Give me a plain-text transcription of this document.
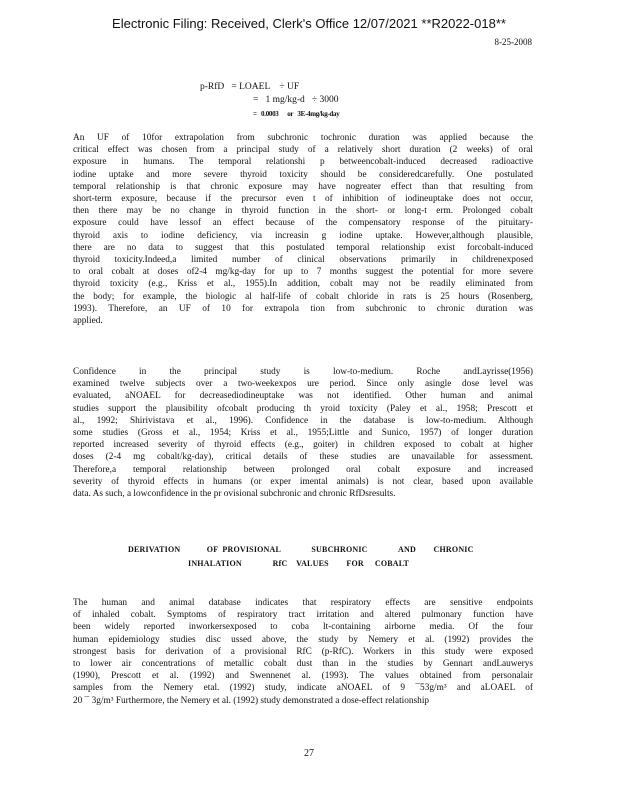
Electronic Filing: Received, Clerk's Office 12/07/2021 **R2022-018**
8-25-2008
p-RfD   = LOAEL    ÷ UF
=   1 mg/kg-d   ÷ 3000
=   0.0003      or   3E-4mg/kg-day
An UF of 10for extrapolation from subchronic tochronic duration was applied because the
critical effect was chosen from a principal study of a relatively short duration (2 weeks) of oral
exposure in humans. The temporal relationshi p betweencobalt-induced decreased radioactive
iodine uptake and more severe thyroid toxicity should be consideredcarefully. One postulated
temporal relationship is that chronic exposure may have nogreater effect than that resulting from
short-term exposure, because if the precursor even t of inhibition of iodineuptake does not occur,
then there may be no change in thyroid function in the short- or long-t erm. Prolonged cobalt
exposure could have lessof an effect because of the compensatory response of the pituitary-
thyroid axis to iodine deficiency, via increasin g iodine uptake. However,although plausible,
there are no data to suggest that this postulated temporal relationship exist forcobalt-induced
thyroid toxicity.Indeed,a limited number of clinical observations primarily in childrenexposed
to oral cobalt at doses of2-4 mg/kg-day for up to 7 months suggest the potential for more severe
thyroid toxicity (e.g., Kriss et al., 1955).In addition, cobalt may not be readily eliminated from
the body; for example, the biologic al half-life of cobalt chloride in rats is 25 hours (Rosenberg,
1993). Therefore, an UF of 10 for extrapola tion from subchronic to chronic duration was
applied.
Confidence in the principal study is low-to-medium. Roche andLayrisse(1956)
examined twelve subjects over a two-weekexpos ure period. Since only asingle dose level was
evaluated, aNOAEL for decreasediodineuptake was not identified. Other human and animal
studies support the plausibility ofcobalt producing th yroid toxicity (Paley et al., 1958; Prescott et
al., 1992; Shirivistava et al., 1996). Confidence in the database is low-to-medium. Although
some studies (Gross et al., 1954; Kriss et al., 1955;Little and Sunico, 1957) of longer duration
reported increased severity of thyroid effects (e.g., goiter) in children exposed to cobalt at higher
doses (2-4 mg cobalt/kg-day), critical details of these studies are unavailable for assessment.
Therefore,a temporal relationship between prolonged oral cobalt exposure and increased
severity of thyroid effects in humans (or exper imental animals) is not clear, based upon available
data. As such, a lowconfidence in the pr ovisional subchronic and chronic RfDsresults.
DERIVATION            OF  PROVISIONAL              SUBCHRONIC              AND        CHRONIC
INHALATION              RfC    VALUES        FOR     COBALT
The human and animal database indicates that respiratory effects are sensitive endpoints
of inhaled cobalt. Symptoms of respiratory tract irritation and altered pulmonary function have
been widely reported inworkersexposed to coba lt-containing airborne media. Of the four
human epidemiology studies disc ussed above, the study by Nemery et al. (1992) provides the
strongest basis for derivation of a provisional RfC (p-RfC). Workers in this study were exposed
to lower air concentrations of metallic cobalt dust than in the studies by Gennart andLauwerys
(1990), Prescott et al. (1992) and Swennenet al. (1993). The values obtained from personalair
samples from the Nemery etal. (1992) study, indicate aNOAEL of 9 ¯53g/m³ and aLOAEL of
20 ¯ 3g/m³ Furthermore, the Nemery et al. (1992) study demonstrated a dose-effect relationship
27
